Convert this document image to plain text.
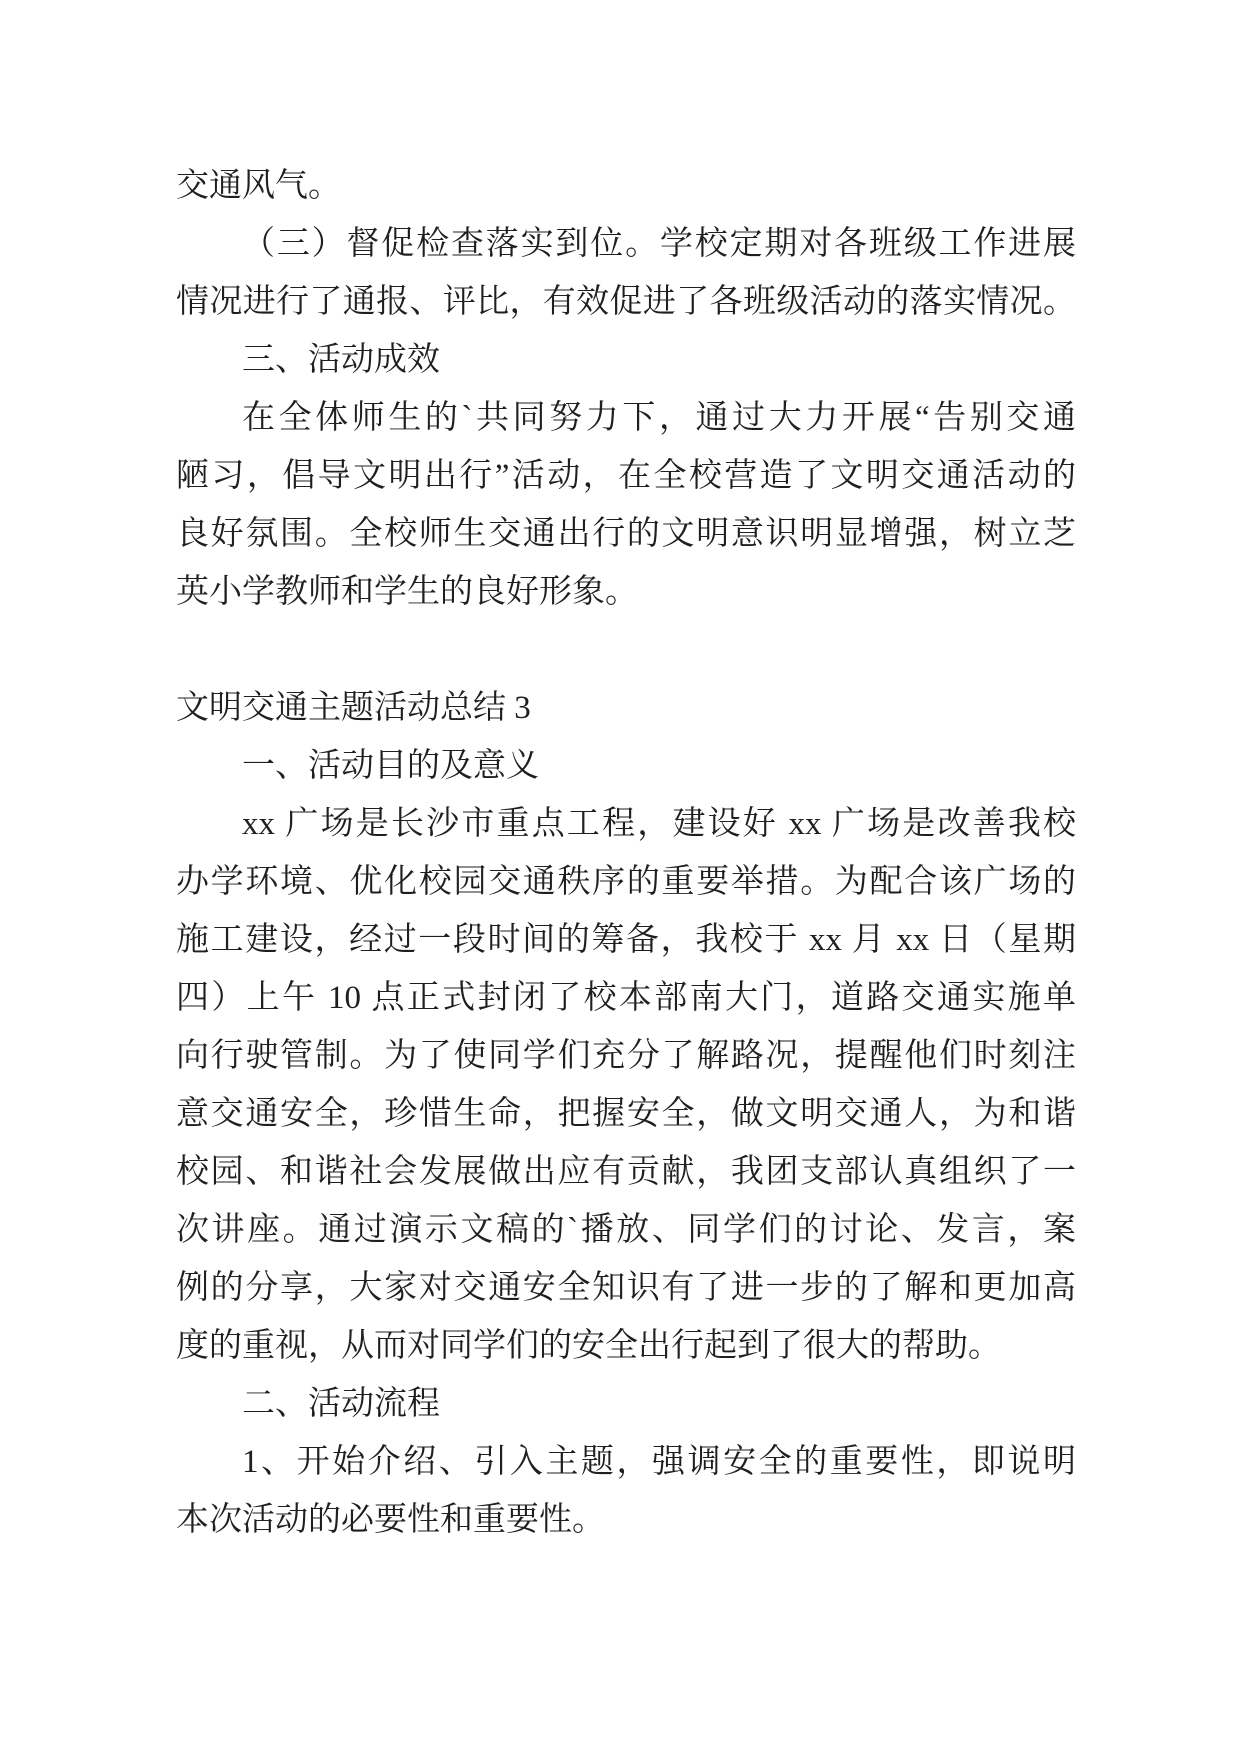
交通风气。
（三）督促检查落实到位。学校定期对各班级工作进展
情况进行了通报、评比，有效促进了各班级活动的落实情况。
三、活动成效
在全体师生的`共同努力下，通过大力开展“告别交通
陋习，倡导文明出行”活动，在全校营造了文明交通活动的
良好氛围。全校师生交通出行的文明意识明显增强，树立芝
英小学教师和学生的良好形象。
文明交通主题活动总结 3
一、活动目的及意义
xx 广场是长沙市重点工程，建设好 xx 广场是改善我校
办学环境、优化校园交通秩序的重要举措。为配合该广场的
施工建设，经过一段时间的筹备，我校于 xx 月 xx 日（星期
四）上午 10 点正式封闭了校本部南大门，道路交通实施单
向行驶管制。为了使同学们充分了解路况，提醒他们时刻注
意交通安全，珍惜生命，把握安全，做文明交通人，为和谐
校园、和谐社会发展做出应有贡献，我团支部认真组织了一
次讲座。通过演示文稿的`播放、同学们的讨论、发言，案
例的分享，大家对交通安全知识有了进一步的了解和更加高
度的重视，从而对同学们的安全出行起到了很大的帮助。
二、活动流程
1、开始介绍、引入主题，强调安全的重要性，即说明
本次活动的必要性和重要性。
